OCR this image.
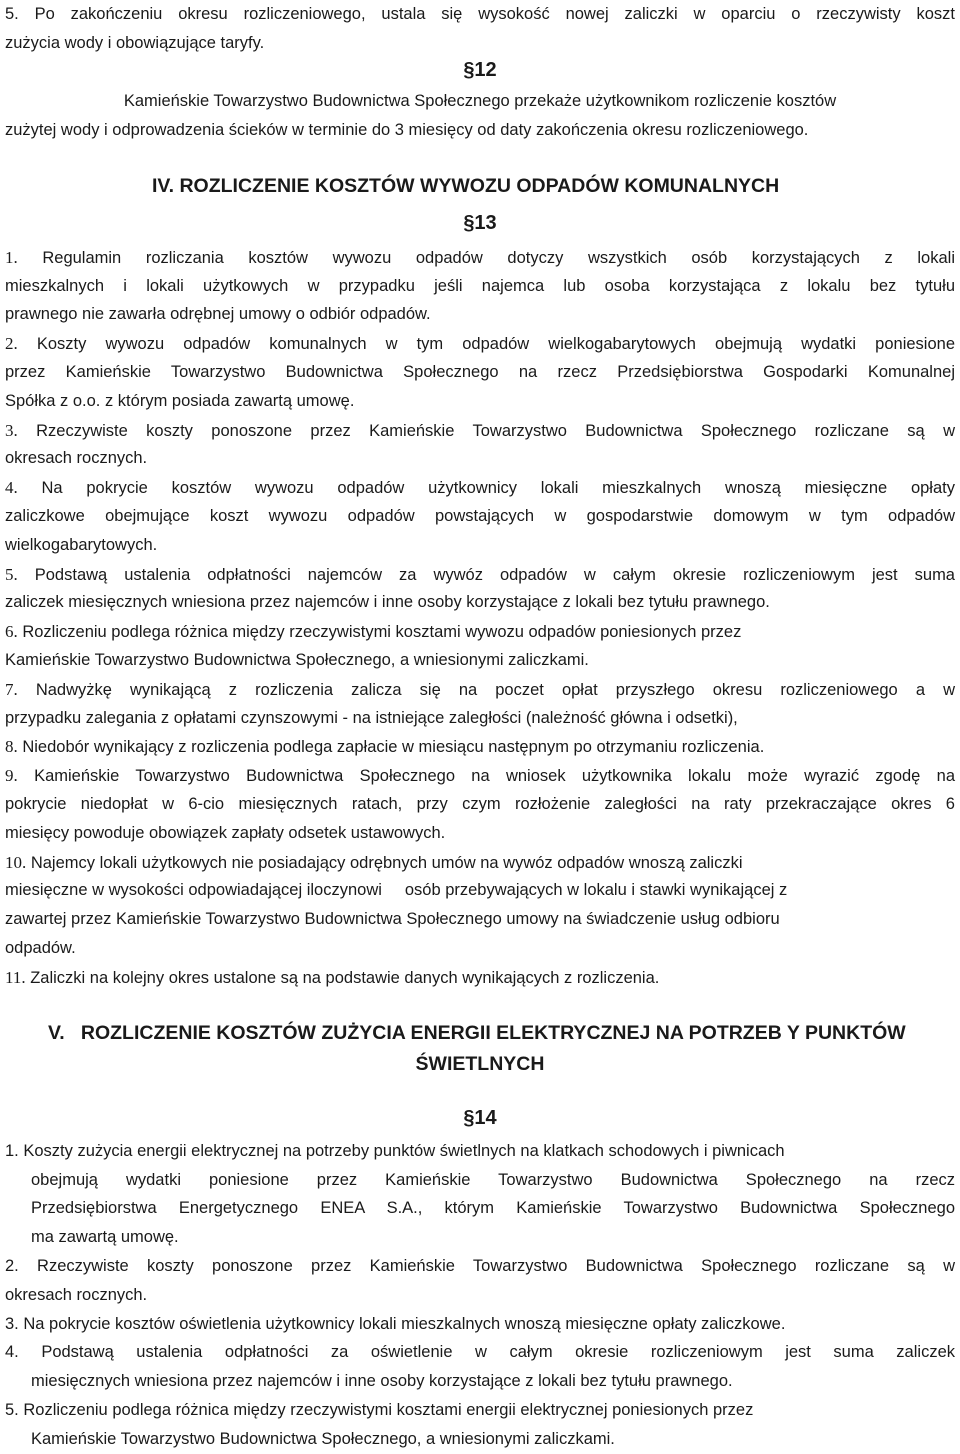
5. Po zakończeniu okresu rozliczeniowego, ustala się wysokość nowej zaliczki w oparciu o rzeczywisty koszt
zużycia wody i obowiązujące taryfy.
§12
Kamieńskie Towarzystwo Budownictwa Społecznego przekaże użytkownikom rozliczenie kosztów
zużytej wody i odprowadzenia ścieków w terminie do 3 miesięcy od daty zakończenia okresu rozliczeniowego.
IV. ROZLICZENIE KOSZTÓW WYWOZU ODPADÓW KOMUNALNYCH
§13
1. Regulamin rozliczania kosztów wywozu odpadów dotyczy wszystkich osób korzystających z lokali
mieszkalnych i lokali użytkowych w przypadku jeśli najemca lub osoba korzystająca z lokalu bez tytułu
prawnego nie zawarła odrębnej umowy o odbiór odpadów.
2. Koszty wywozu odpadów komunalnych w tym odpadów wielkogabarytowych obejmują wydatki poniesione
przez Kamieńskie Towarzystwo Budownictwa Społecznego na rzecz Przedsiębiorstwa Gospodarki Komunalnej
Spółka z o.o. z którym posiada zawartą umowę.
3. Rzeczywiste koszty ponoszone przez Kamieńskie Towarzystwo Budownictwa Społecznego rozliczane są w
okresach rocznych.
4. Na pokrycie kosztów wywozu odpadów użytkownicy lokali mieszkalnych wnoszą miesięczne opłaty
zaliczkowe obejmujące koszt wywozu odpadów powstających w gospodarstwie domowym w tym odpadów
wielkogabarytowych.
5. Podstawą ustalenia odpłatności najemców za wywóz odpadów w całym okresie rozliczeniowym jest suma
zaliczek miesięcznych wniesiona przez najemców i inne osoby korzystające z lokali bez tytułu prawnego.
6. Rozliczeniu podlega różnica między rzeczywistymi kosztami wywozu odpadów poniesionych przez
Kamieńskie Towarzystwo Budownictwa Społecznego, a wniesionymi zaliczkami.
7. Nadwyżkę wynikającą z rozliczenia zalicza się na poczet opłat przyszłego okresu rozliczeniowego a w
przypadku zalegania z opłatami czynszowymi - na istniejące zaległości (należność główna i odsetki),
8. Niedobór wynikający z rozliczenia podlega zapłacie w miesiącu następnym po otrzymaniu rozliczenia.
9. Kamieńskie Towarzystwo Budownictwa Społecznego na wniosek użytkownika lokalu może wyrazić zgodę na
pokrycie niedopłat w 6-cio miesięcznych ratach, przy czym rozłożenie zaległości na raty przekraczające okres 6
miesięcy powoduje obowiązek zapłaty odsetek ustawowych.
10. Najemcy lokali użytkowych nie posiadający odrębnych umów na wywóz odpadów wnoszą zaliczki
miesięczne w wysokości odpowiadającej iloczynowi     osób przebywających w lokalu i stawki wynikającej z
zawartej przez Kamieńskie Towarzystwo Budownictwa Społecznego umowy na świadczenie usług odbioru
odpadów.
11. Zaliczki na kolejny okres ustalone są na podstawie danych wynikających z rozliczenia.
V.   ROZLICZENIE KOSZTÓW ZUŻYCIA ENERGII ELEKTRYCZNEJ NA POTRZEB Y PUNKTÓW
ŚWIETLNYCH
§14
1. Koszty zużycia energii elektrycznej na potrzeby punktów świetlnych na klatkach schodowych i piwnicach
obejmują wydatki poniesione przez Kamieńskie Towarzystwo Budownictwa Społecznego na rzecz
Przedsiębiorstwa Energetycznego ENEA S.A., którym Kamieńskie Towarzystwo Budownictwa Społecznego
ma zawartą umowę.
2. Rzeczywiste koszty ponoszone przez Kamieńskie Towarzystwo Budownictwa Społecznego rozliczane są w
okresach rocznych.
3. Na pokrycie kosztów oświetlenia użytkownicy lokali mieszkalnych wnoszą miesięczne opłaty zaliczkowe.
4. Podstawą ustalenia odpłatności za oświetlenie w całym okresie rozliczeniowym jest suma zaliczek
miesięcznych wniesiona przez najemców i inne osoby korzystające z lokali bez tytułu prawnego.
5. Rozliczeniu podlega różnica między rzeczywistymi kosztami energii elektrycznej poniesionych przez
Kamieńskie Towarzystwo Budownictwa Społecznego, a wniesionymi zaliczkami.
